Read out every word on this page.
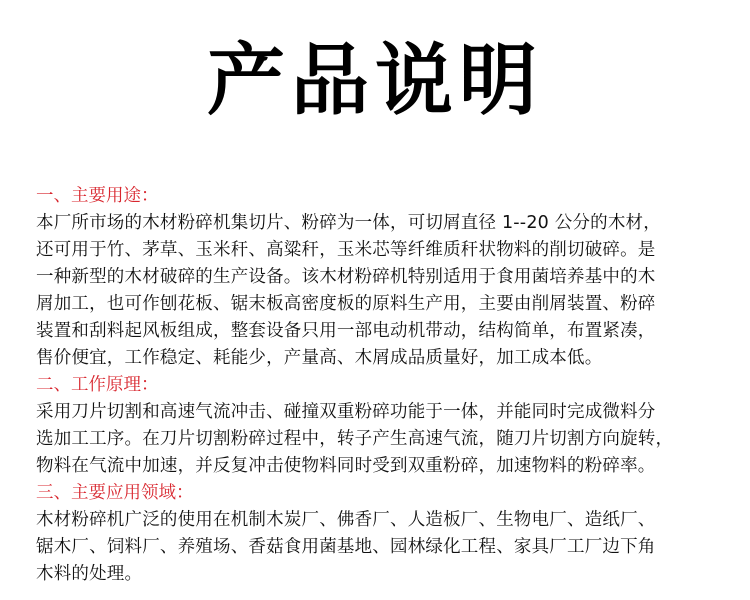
产品说明
一、主要用途：
本厂所市场的木材粉碎机集切片、粉碎为一体，可切屑直径 1--20 公分的木材，
还可用于竹、茅草、玉米秆、高粱秆，玉米芯等纤维质秆状物料的削切破碎。是
一种新型的木材破碎的生产设备。该木材粉碎机特别适用于食用菌培养基中的木
屑加工，也可作刨花板、锯末板高密度板的原料生产用，主要由削屑装置、粉碎
装置和刮料起风板组成，整套设备只用一部电动机带动，结构简单，布置紧凑，
售价便宜，工作稳定、耗能少，产量高、木屑成品质量好，加工成本低。
二、工作原理：
采用刀片切割和高速气流冲击、碰撞双重粉碎功能于一体，并能同时完成微料分
选加工工序。在刀片切割粉碎过程中，转子产生高速气流，随刀片切割方向旋转，
物料在气流中加速，并反复冲击使物料同时受到双重粉碎，加速物料的粉碎率。
三、主要应用领域：
木材粉碎机广泛的使用在机制木炭厂、佛香厂、人造板厂、生物电厂、造纸厂、
锯木厂、饲料厂、养殖场、香菇食用菌基地、园林绿化工程、家具厂工厂边下角
木料的处理。
